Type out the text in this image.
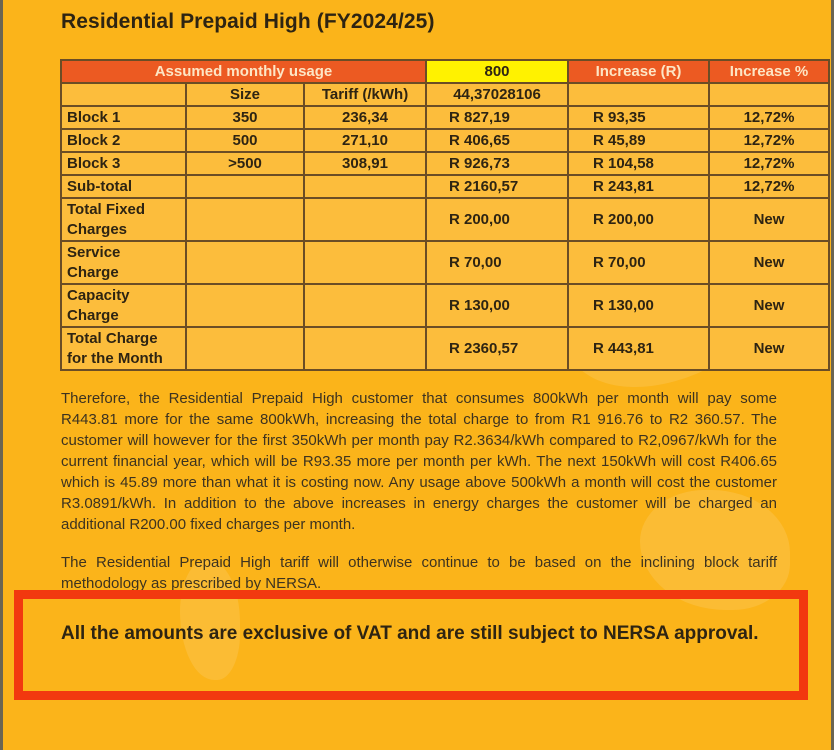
Residential Prepaid High (FY2024/25)
Assumed monthly usage			800	Increase (R)	Increase %
	Size	Tariff (/kWh)	44,37028106		
Block 1	350	236,34	R 827,19	R 93,35	12,72%
Block 2	500	271,10	R 406,65	R 45,89	12,72%
Block 3	>500	308,91	R 926,73	R 104,58	12,72%
Sub-total			R 2160,57	R 243,81	12,72%
Total Fixed
Charges			R 200,00	R 200,00	New
Service
Charge			R 70,00	R 70,00	New
Capacity
Charge			R 130,00	R 130,00	New
Total Charge
for the Month			R 2360,57	R 443,81	New
Therefore, the Residential Prepaid High customer that consumes 800kWh per month will pay some R443.81 more for the same 800kWh, increasing the total charge to from R1 916.76 to R2 360.57. The customer will however for the first 350kWh per month pay R2.3634/kWh compared to R2,0967/kWh for the current financial year, which will be R93.35 more per month per kWh. The next 150kWh will cost R406.65 which is 45.89 more than what it is costing now. Any usage above 500kWh a month will cost the customer R3.0891/kWh. In addition to the above increases in energy charges the customer will be charged an additional R200.00 fixed charges per month.
The Residential Prepaid High tariff will otherwise continue to be based on the inclining block tariff methodology as prescribed by NERSA.
All the amounts are exclusive of VAT and are still subject to NERSA approval.
